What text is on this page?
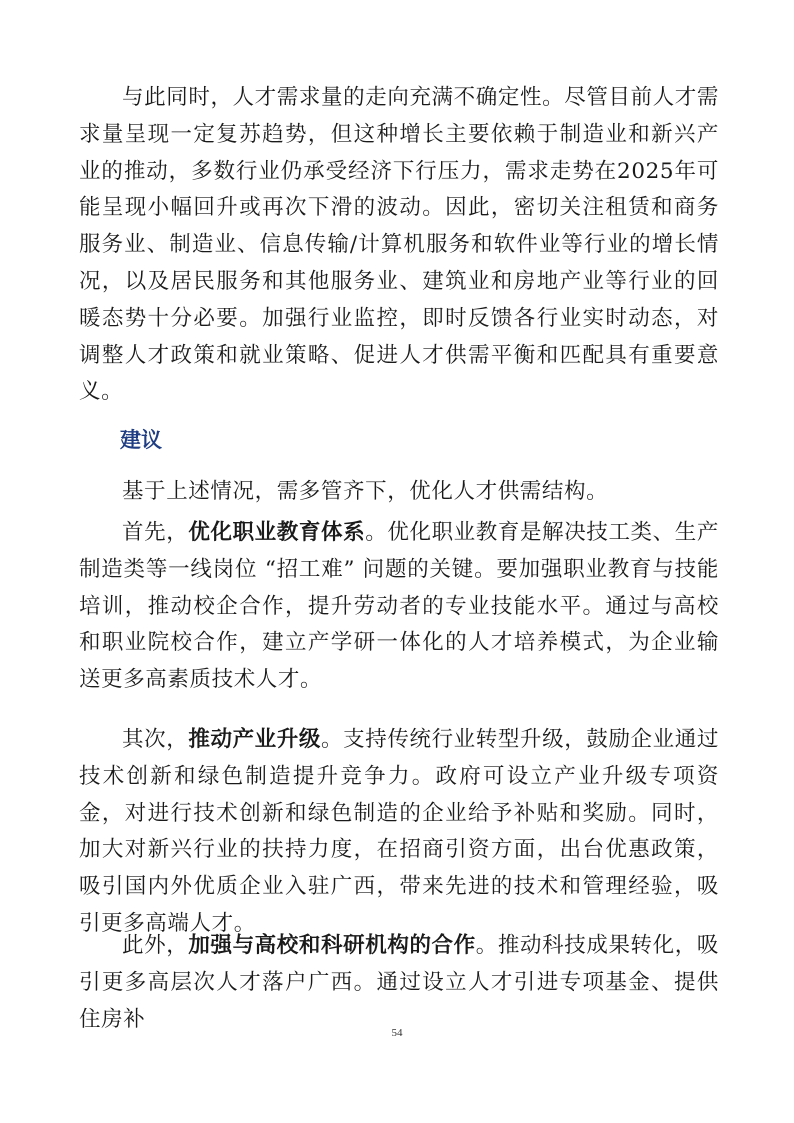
与此同时，人才需求量的走向充满不确定性。尽管目前人才需求量呈现一定复苏趋势，但这种增长主要依赖于制造业和新兴产业的推动，多数行业仍承受经济下行压力，需求走势在2025年可能呈现小幅回升或再次下滑的波动。因此，密切关注租赁和商务服务业、制造业、信息传输/计算机服务和软件业等行业的增长情况，以及居民服务和其他服务业、建筑业和房地产业等行业的回暖态势十分必要。加强行业监控，即时反馈各行业实时动态，对调整人才政策和就业策略、促进人才供需平衡和匹配具有重要意义。

建议

基于上述情况，需多管齐下，优化人才供需结构。

首先，优化职业教育体系。优化职业教育是解决技工类、生产制造类等一线岗位 “招工难” 问题的关键。要加强职业教育与技能培训，推动校企合作，提升劳动者的专业技能水平。通过与高校和职业院校合作，建立产学研一体化的人才培养模式，为企业输送更多高素质技术人才。

其次，推动产业升级。支持传统行业转型升级，鼓励企业通过技术创新和绿色制造提升竞争力。政府可设立产业升级专项资金，对进行技术创新和绿色制造的企业给予补贴和奖励。同时，加大对新兴行业的扶持力度，在招商引资方面，出台优惠政策，吸引国内外优质企业入驻广西，带来先进的技术和管理经验，吸引更多高端人才。

此外，加强与高校和科研机构的合作。推动科技成果转化，吸引更多高层次人才落户广西。通过设立人才引进专项基金、提供住房补

54
